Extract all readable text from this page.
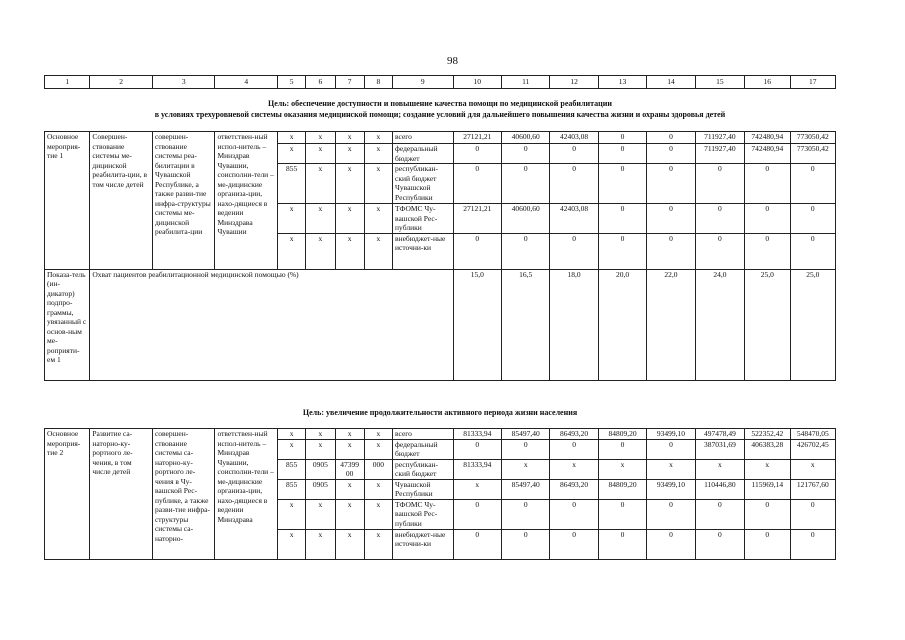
98
1	2	3	4	5	6	7	8	9	10	11	12	13	14	15	16	17
Цель: обеспечение доступности и повышение качества помощи по медицинской реабилитации
в условиях трехуровневой системы оказания медицинской помощи; создание условий для дальнейшего повышения качества жизни и охраны здоровья детей
Основное мероприя-тие 1	Совершен-ствование системы ме-дицинской реабилита-ции, в том числе детей	совершен-ствование системы реа-билитации в Чувашской Республике, а также разви-тие инфра-структуры системы ме-дицинской реабилита-ции	ответствен-ный испол-нитель – Минздрав Чувашии, соисполни-тели – ме-дицинские организа-ции, нахо-дящиеся в ведении Минздрава Чувашии	х	х	х	х	всего	27121,21	40600,60	42403,08	0	0	711927,40	742480,94	773050,42
				х	х	х	х	федеральный бюджет	0	0	0	0	0	711927,40	742480,94	773050,42
				855	х	х	х	республикан-ский бюджет Чувашской Республики	0	0	0	0	0	0	0	0
				х	х	х	х	ТФОМС Чу-вашской Рес-публики	27121,21	40600,60	42403,08	0	0	0	0	0
				х	х	х	х	внебюджет-ные источни-ки	0	0	0	0	0	0	0	0
Показа-тель (ин-дикатор) подпро-граммы, увязанный с основ-ным ме-роприяти-ем 1	Охват пациентов реабилитационной медицинской помощью (%)								15,0	16,5	18,0	20,0	22,0	24,0	25,0	25,0
Цель: увеличение продолжительности активного периода жизни населения
Основное мероприя-тие 2	Развитие са-наторно-ку-рортного ле-чения, в том числе детей	совершен-ствование системы са-наторно-ку-рортного ле-чения в Чу-вашской Рес-публике, а также разви-тие инфра-структуры системы са-наторно-	ответствен-ный испол-нитель – Минздрав Чувашии, соисполни-тели – ме-дицинские организа-ции, нахо-дящиеся в ведении Минздрава	х	х	х	х	всего	81333,94	85497,40	86493,20	84809,20	93499,10	497478,49	522352,42	548470,05
				х	х	х	х	федеральный бюджет	0	0	0	0	0	387031,69	406383,28	426702,45
				855	0905	47399 00	000	республикан-ский бюджет	81333,94	х	х	х	х	х	х	х
				855	0905	х	х	Чувашской Республики	х	85497,40	86493,20	84809,20	93499,10	110446,80	115969,14	121767,60
				х	х	х	х	ТФОМС Чу-вашской Рес-публики	0	0	0	0	0	0	0	0
				х	х	х	х	внебюджет-ные источни-ки	0	0	0	0	0	0	0	0
